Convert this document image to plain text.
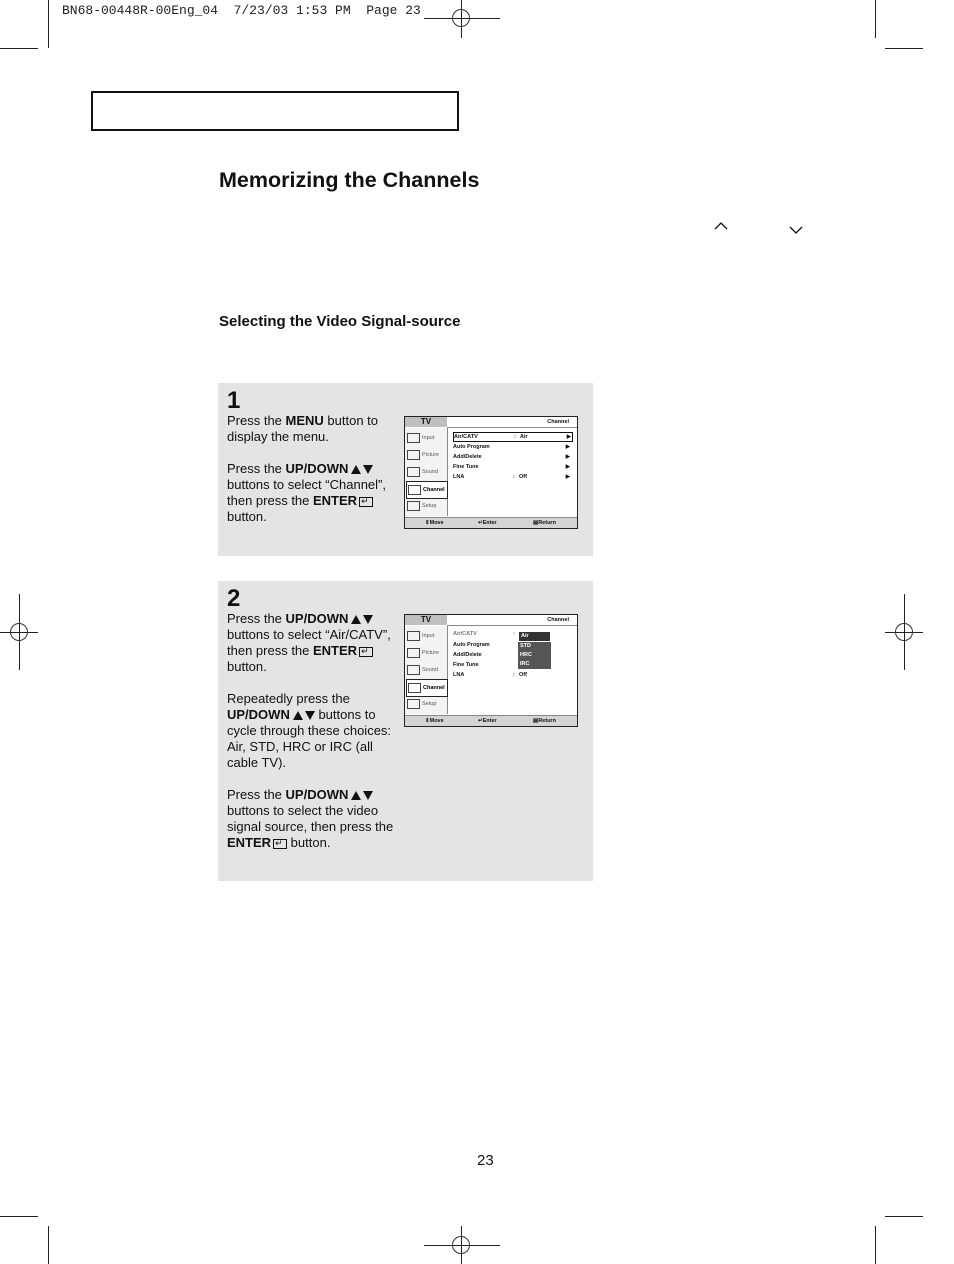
BN68-00448R-00Eng_04  7/23/03 1:53 PM  Page 23
Memorizing the Channels
Selecting the Video Signal-source
1

Press the MENU button to display the menu.

Press the UP/DOWN buttons to select “Channel”, then press the ENTER↵ button.

TV	Channel
Input
Picture
Sound
Channel
Setup
Air/CATV	: Air	▶
Auto Program	▶
Add/Delete	▶
Fine Tune	▶
LNA	: Off	▶
⇕ Move	↵ Enter	▤ Return
2

Press the UP/DOWN buttons to select “Air/CATV”, then press the ENTER↵ button.

Repeatedly press the UP/DOWN buttons to cycle through these choices: Air, STD, HRC or IRC (all cable TV).

Press the UP/DOWN buttons to select the video signal source, then press the ENTER↵ button.

TV	Channel
Input
Picture
Sound
Channel
Setup
Air/CATV	:
Auto Program
Add/Delete
Fine Tune
LNA	: Off
Air
STD
HRC
IRC
⇕ Move	↵ Enter	▤ Return
23
